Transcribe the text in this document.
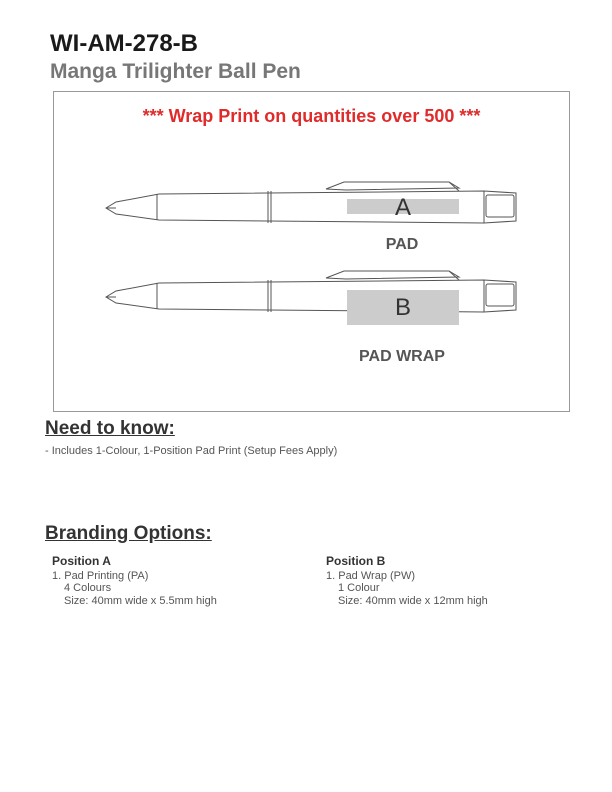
WI-AM-278-B
Manga Trilighter Ball Pen
*** Wrap Print on quantities over 500 ***
A
PAD
B
PAD WRAP
Need to know:
- Includes 1-Colour, 1-Position Pad Print (Setup Fees Apply)
Branding Options:
Position A
1. Pad Printing (PA)
4 Colours
Size: 40mm wide x 5.5mm high
Position B
1. Pad Wrap (PW)
1 Colour
Size: 40mm wide x 12mm high
